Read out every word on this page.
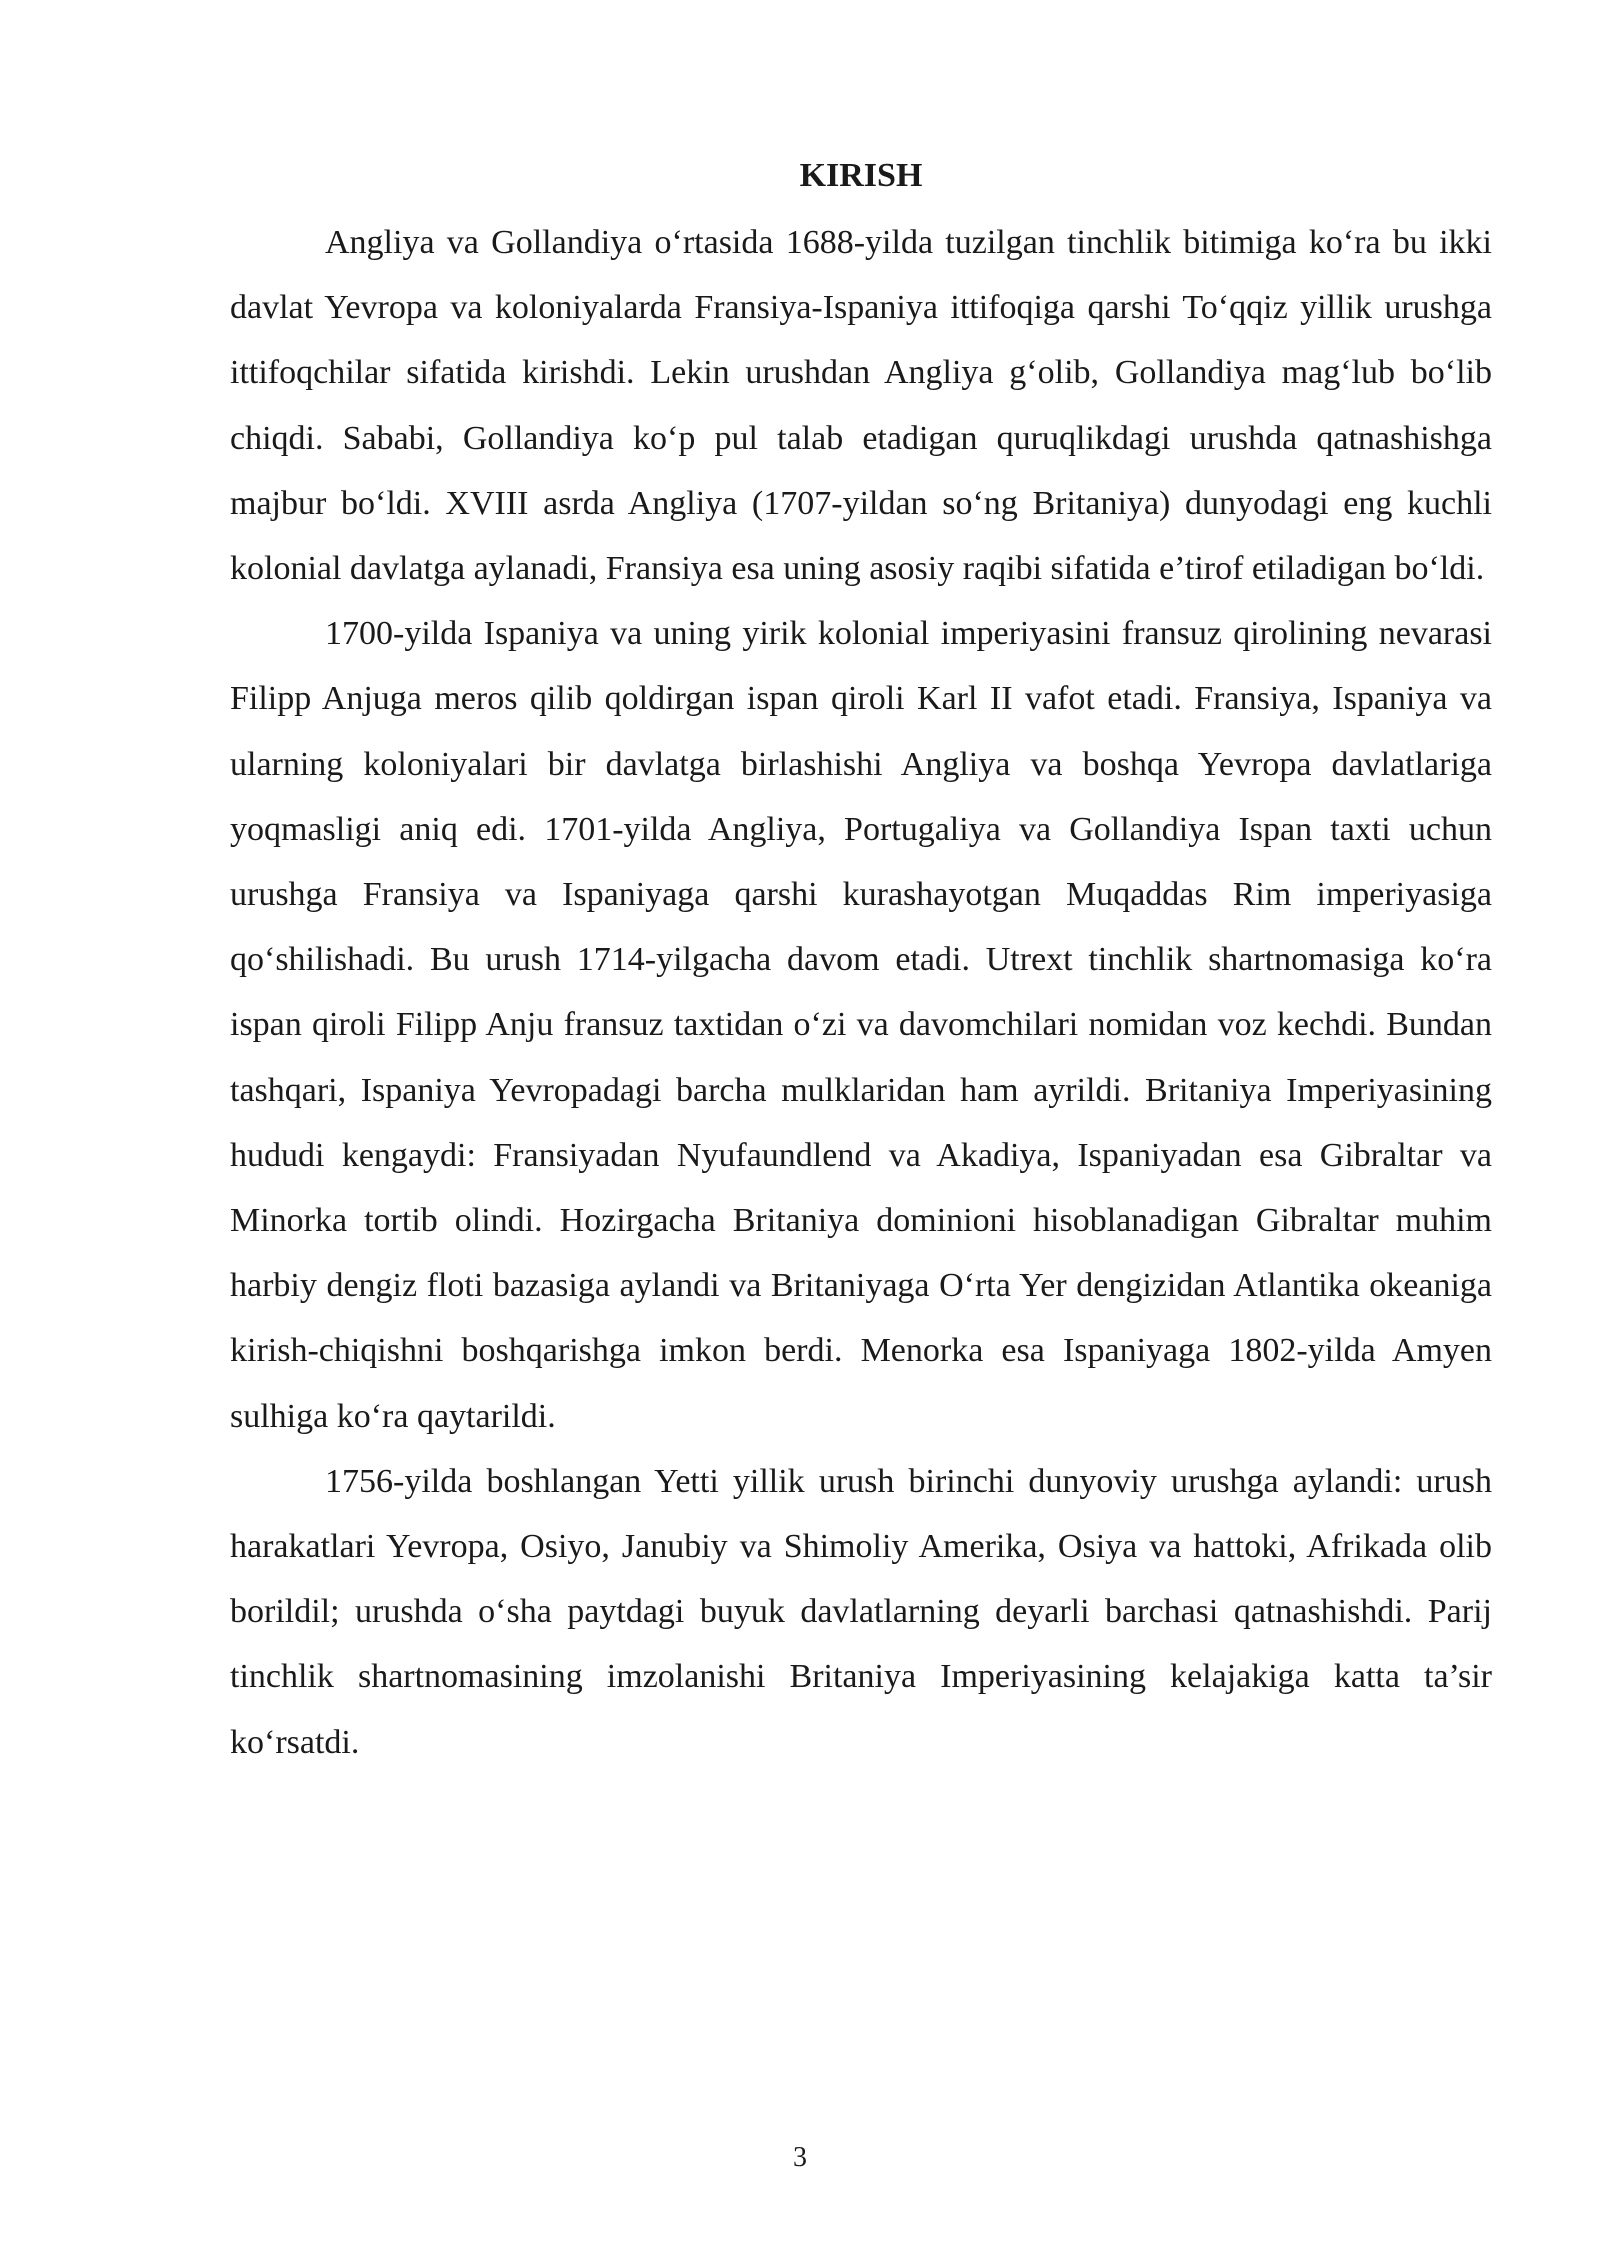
KIRISH

Angliya va Gollandiya o‘rtasida 1688-yilda tuzilgan tinchlik bitimiga ko‘ra bu ikki davlat Yevropa va koloniyalarda Fransiya-Ispaniya ittifoqiga qarshi To‘qqiz yillik urushga ittifoqchilar sifatida kirishdi. Lekin urushdan Angliya g‘olib, Gollandiya mag‘lub bo‘lib chiqdi. Sababi, Gollandiya ko‘p pul talab etadigan quruqlikdagi urushda qatnashishga majbur bo‘ldi. XVIII asrda Angliya (1707-yildan so‘ng Britaniya) dunyodagi eng kuchli kolonial davlatga aylanadi, Fransiya esa uning asosiy raqibi sifatida e’tirof etiladigan bo‘ldi.

1700-yilda Ispaniya va uning yirik kolonial imperiyasini fransuz qirolining nevarasi Filipp Anjuga meros qilib qoldirgan ispan qiroli Karl II vafot etadi. Fransiya, Ispaniya va ularning koloniyalari bir davlatga birlashishi Angliya va boshqa Yevropa davlatlariga yoqmasligi aniq edi. 1701-yilda Angliya, Portugaliya va Gollandiya Ispan taxti uchun urushga Fransiya va Ispaniyaga qarshi kurashayotgan Muqaddas Rim imperiyasiga qo‘shilishadi. Bu urush 1714-yilgacha davom etadi. Utrext tinchlik shartnomasiga ko‘ra ispan qiroli Filipp Anju fransuz taxtidan o‘zi va davomchilari nomidan voz kechdi. Bundan tashqari, Ispaniya Yevropadagi barcha mulklaridan ham ayrildi. Britaniya Imperiyasining hududi kengaydi: Fransiyadan Nyufaundlend va Akadiya, Ispaniyadan esa Gibraltar va Minorka tortib olindi. Hozirgacha Britaniya dominioni hisoblanadigan Gibraltar muhim harbiy dengiz floti bazasiga aylandi va Britaniyaga O‘rta Yer dengizidan Atlantika okeaniga kirish-chiqishni boshqarishga imkon berdi. Menorka esa Ispaniyaga 1802-yilda Amyen sulhiga ko‘ra qaytarildi.

1756-yilda boshlangan Yetti yillik urush birinchi dunyoviy urushga aylandi: urush harakatlari Yevropa, Osiyo, Janubiy va Shimoliy Amerika, Osiya va hattoki, Afrikada olib borildil; urushda o‘sha paytdagi buyuk davlatlarning deyarli barchasi qatnashishdi. Parij tinchlik shartnomasining imzolanishi Britaniya Imperiyasining kelajakiga katta ta’sir ko‘rsatdi.

3
